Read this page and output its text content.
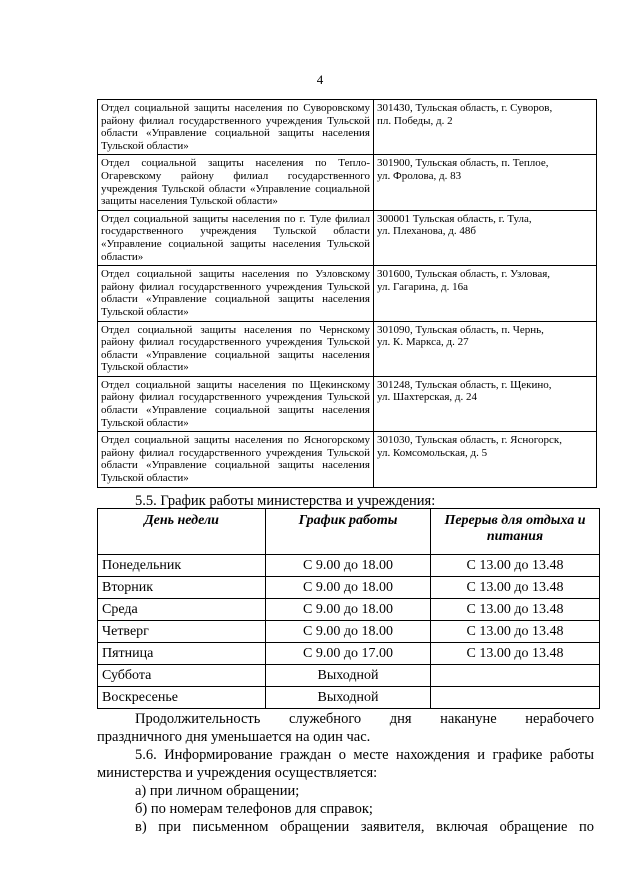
4
Отдел социальной защиты населения по Суворовскому району филиал государственного учреждения Тульской области «Управление социальной защиты населения Тульской области»	301430, Тульская область, г. Суворов,
пл. Победы, д. 2

Отдел социальной защиты населения по Тепло-Огаревскому району филиал государственного учреждения Тульской области «Управление социальной защиты населения Тульской области»	301900, Тульская область, п. Теплое,
ул. Фролова, д. 83

Отдел социальной защиты населения по г. Туле филиал государственного учреждения Тульской области «Управление социальной защиты населения Тульской области»	300001 Тульская область, г. Тула,
ул. Плеханова, д. 48б

Отдел социальной защиты населения по Узловскому району филиал государственного учреждения Тульской области «Управление социальной защиты населения Тульской области»	301600, Тульская область, г. Узловая,
ул. Гагарина, д. 16а

Отдел социальной защиты населения по Чернскому району филиал государственного учреждения Тульской области «Управление социальной защиты населения Тульской области»	301090, Тульская область, п. Чернь,
ул. К. Маркса, д. 27

Отдел социальной защиты населения по Щекинскому району филиал государственного учреждения Тульской области «Управление социальной защиты населения Тульской области»	301248, Тульская область, г. Щекино,
ул. Шахтерская, д. 24

Отдел социальной защиты населения по Ясногорскому району филиал государственного учреждения Тульской области «Управление социальной защиты населения Тульской области»	301030, Тульская область, г. Ясногорск,
ул. Комсомольская, д. 5
5.5. График работы министерства и учреждения:
День недели	График работы	Перерыв для отдыха и питания
Понедельник	С 9.00 до 18.00	С 13.00 до 13.48
Вторник	С 9.00 до 18.00	С 13.00 до 13.48
Среда	С 9.00 до 18.00	С 13.00 до 13.48
Четверг	С 9.00 до 18.00	С 13.00 до 13.48
Пятница	С 9.00 до 17.00	С 13.00 до 13.48
Суббота	Выходной	
Воскресенье	Выходной	
Продолжительность служебного дня накануне нерабочего
праздничного дня уменьшается на один час.
5.6. Информирование граждан о месте нахождения и графике работы
министерства и учреждения осуществляется:
а) при личном обращении;
б) по номерам телефонов для справок;
в) при письменном обращении заявителя, включая обращение по
